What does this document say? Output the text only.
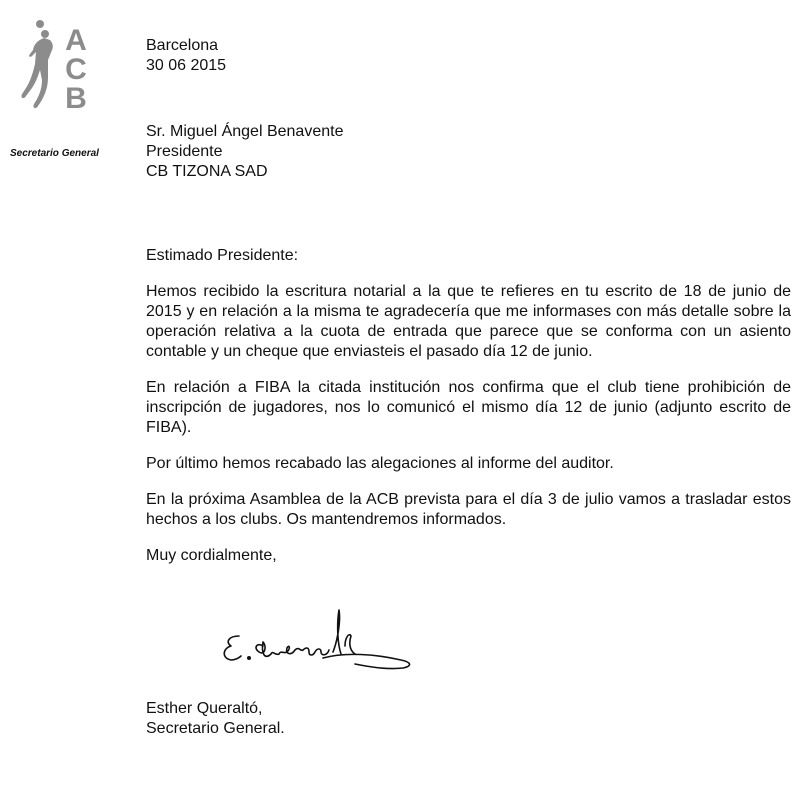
A
C
B
Secretario General
Barcelona
30 06 2015
Sr. Miguel Ángel Benavente
Presidente
CB TIZONA SAD
Estimado Presidente:

Hemos recibido la escritura notarial a la que te refieres en tu escrito de 18 de junio de 2015 y en relación a la misma te agradecería que me informases con más detalle sobre la operación relativa a la cuota de entrada que parece que se conforma con un asiento contable y un cheque que enviasteis el pasado día 12 de junio.

En relación a FIBA la citada institución nos confirma que el club tiene prohibición de inscripción de jugadores, nos lo comunicó el mismo día 12 de junio (adjunto escrito de FIBA).

Por último hemos recabado las alegaciones al informe del auditor.

En la próxima Asamblea de la ACB prevista para el día 3 de julio vamos a trasladar estos hechos a los clubs. Os mantendremos informados.

Muy cordialmente,
Esther Queraltó,
Secretario General.
